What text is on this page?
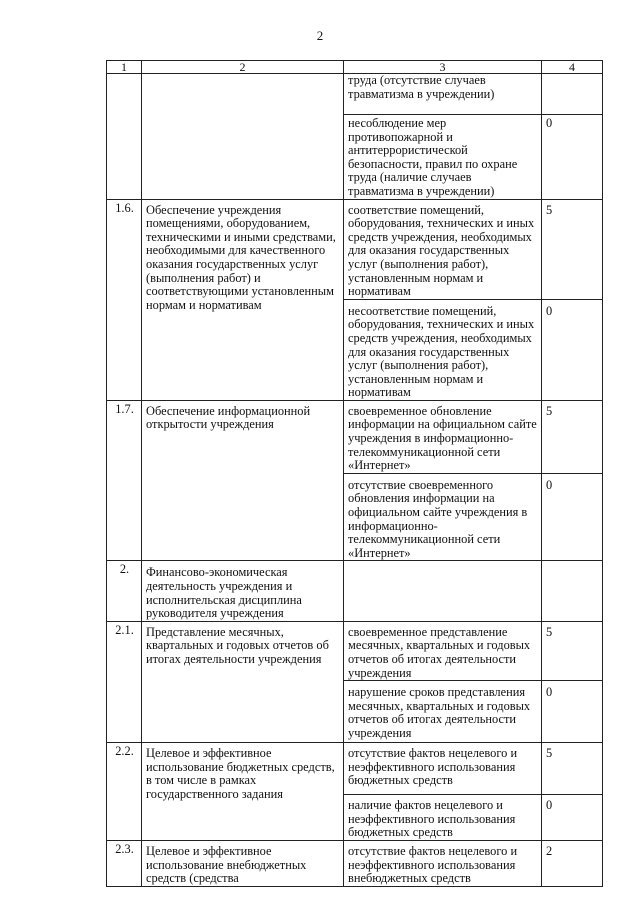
2
1	2	3	4
		труда (отсутствие случаев травматизма в учреждении)	
		несоблюдение мер противопожарной и антитеррористической безопасности, правил по охране труда (наличие случаев травматизма в учреждении)	0
1.6.	Обеспечение учреждения помещениями, оборудованием, техническими и иными средствами, необходимыми для качественного оказания государственных услуг (выполнения работ) и соответствующими установленным нормам и нормативам	соответствие помещений, оборудования, технических и иных средств учреждения, необходимых для оказания государственных услуг (выполнения работ), установленным нормам и нормативам	5
		несоответствие помещений, оборудования, технических и иных средств учреждения, необходимых для оказания государственных услуг (выполнения работ), установленным нормам и нормативам	0
1.7.	Обеспечение информационной открытости учреждения	своевременное обновление информации на официальном сайте учреждения в информационно-телекоммуникационной сети «Интернет»	5
		отсутствие своевременного обновления информации на официальном сайте учреждения в информационно-телекоммуникационной сети «Интернет»	0
2.	Финансово-экономическая деятельность учреждения и исполнительская дисциплина руководителя учреждения		
2.1.	Представление месячных, квартальных и годовых отчетов об итогах деятельности учреждения	своевременное представление месячных, квартальных и годовых отчетов об итогах деятельности учреждения	5
		нарушение сроков представления месячных, квартальных и годовых отчетов об итогах деятельности учреждения	0
2.2.	Целевое и эффективное использование бюджетных средств, в том числе в рамках государственного задания	отсутствие фактов нецелевого и неэффективного использования бюджетных средств	5
		наличие фактов нецелевого и неэффективного использования бюджетных средств	0
2.3.	Целевое и эффективное использование внебюджетных средств (средства	отсутствие фактов нецелевого и неэффективного использования внебюджетных средств	2
